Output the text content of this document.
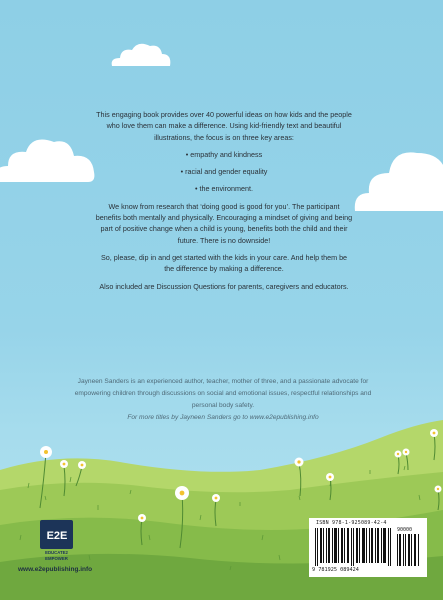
This engaging book provides over 40 powerful ideas on how kids and the people who love them can make a difference. Using kid-friendly text and beautiful illustrations, the focus is on three key areas:

• empathy and kindness
• racial and gender equality
• the environment.

We know from research that ‘doing good is good for you’. The participant benefits both mentally and physically. Encouraging a mindset of giving and being part of positive change when a child is young, benefits both the child and their future. There is no downside!

So, please, dip in and get started with the kids in your care. And help them be the difference by making a difference.

Also included are Discussion Questions for parents, caregivers and educators.

Jayneen Sanders is an experienced author, teacher, mother of three, and a passionate advocate for empowering children through discussions on social and emotional issues, respectful relationships and personal body safety.

For more titles by Jayneen Sanders go to www.e2epublishing.info

E2E
EDUCATE2
EMPOWER
www.e2epublishing.info
ISBN 978-1-925089-42-4
90000
9 781925 089424
